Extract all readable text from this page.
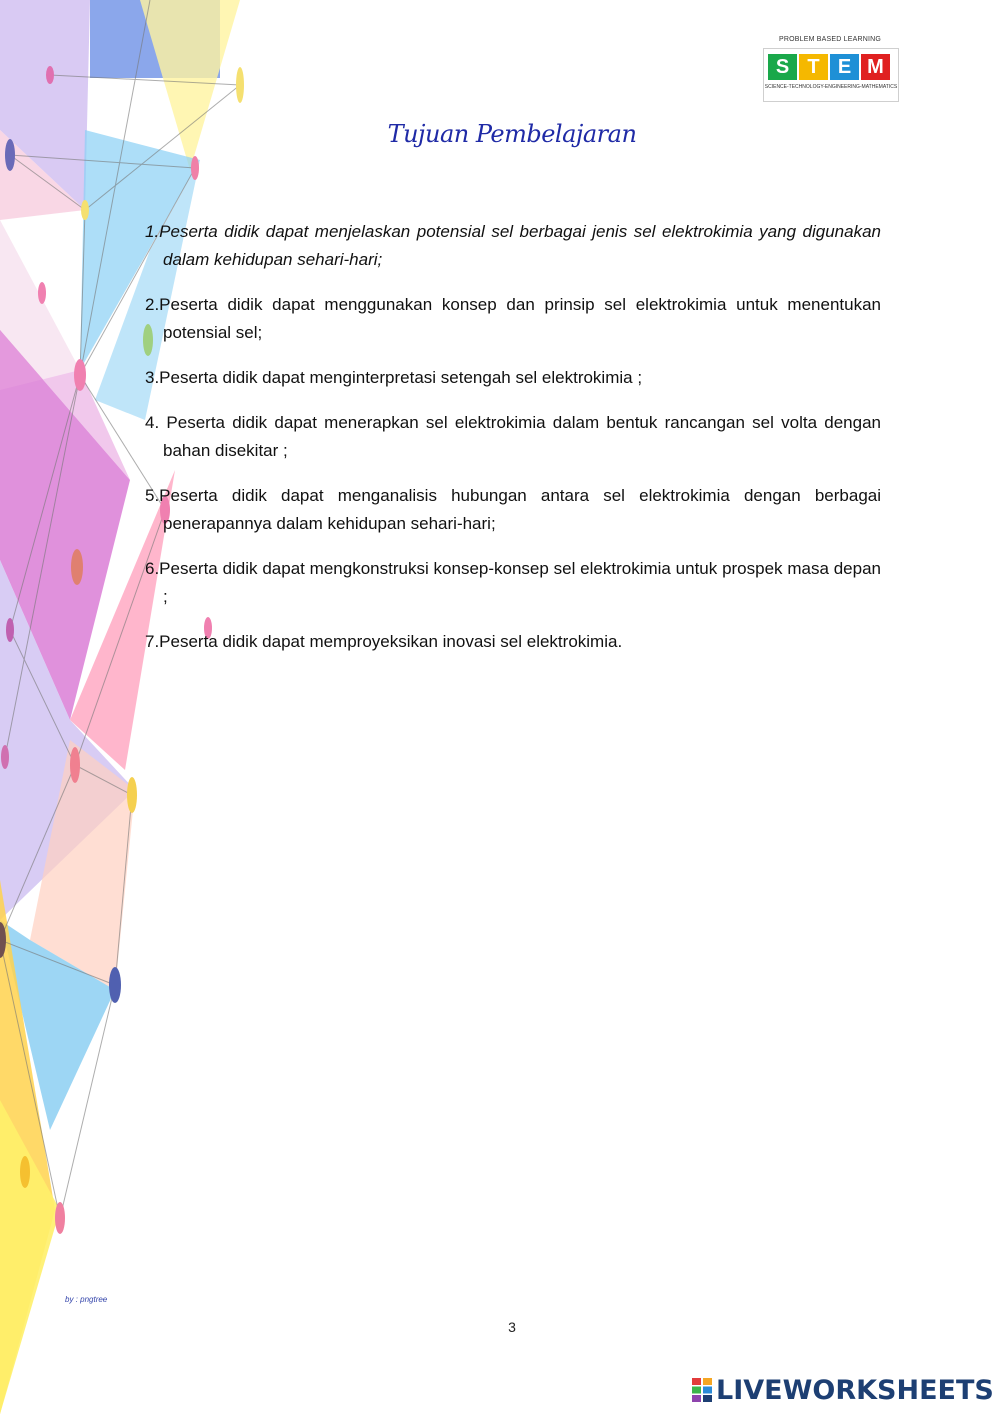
PROBLEM BASED LEARNING
S T E M
SCIENCE-TECHNOLOGY-ENGINEERING-MATHEMATICS
Tujuan Pembelajaran

1.Peserta didik dapat menjelaskan potensial sel berbagai jenis sel elektrokimia yang digunakan dalam kehidupan sehari-hari;

2.Peserta didik dapat menggunakan konsep dan prinsip sel elektrokimia untuk menentukan potensial sel;

3.Peserta didik dapat menginterpretasi setengah sel elektrokimia ;

4. Peserta didik dapat menerapkan sel elektrokimia dalam bentuk rancangan sel volta dengan bahan disekitar ;

5.Peserta didik dapat menganalisis hubungan antara sel elektrokimia dengan berbagai penerapannya dalam kehidupan sehari-hari;

6.Peserta didik dapat mengkonstruksi konsep-konsep sel elektrokimia untuk prospek masa depan ;

7.Peserta didik dapat memproyeksikan inovasi sel elektrokimia.

by : pngtree
3
LIVEWORKSHEETS
